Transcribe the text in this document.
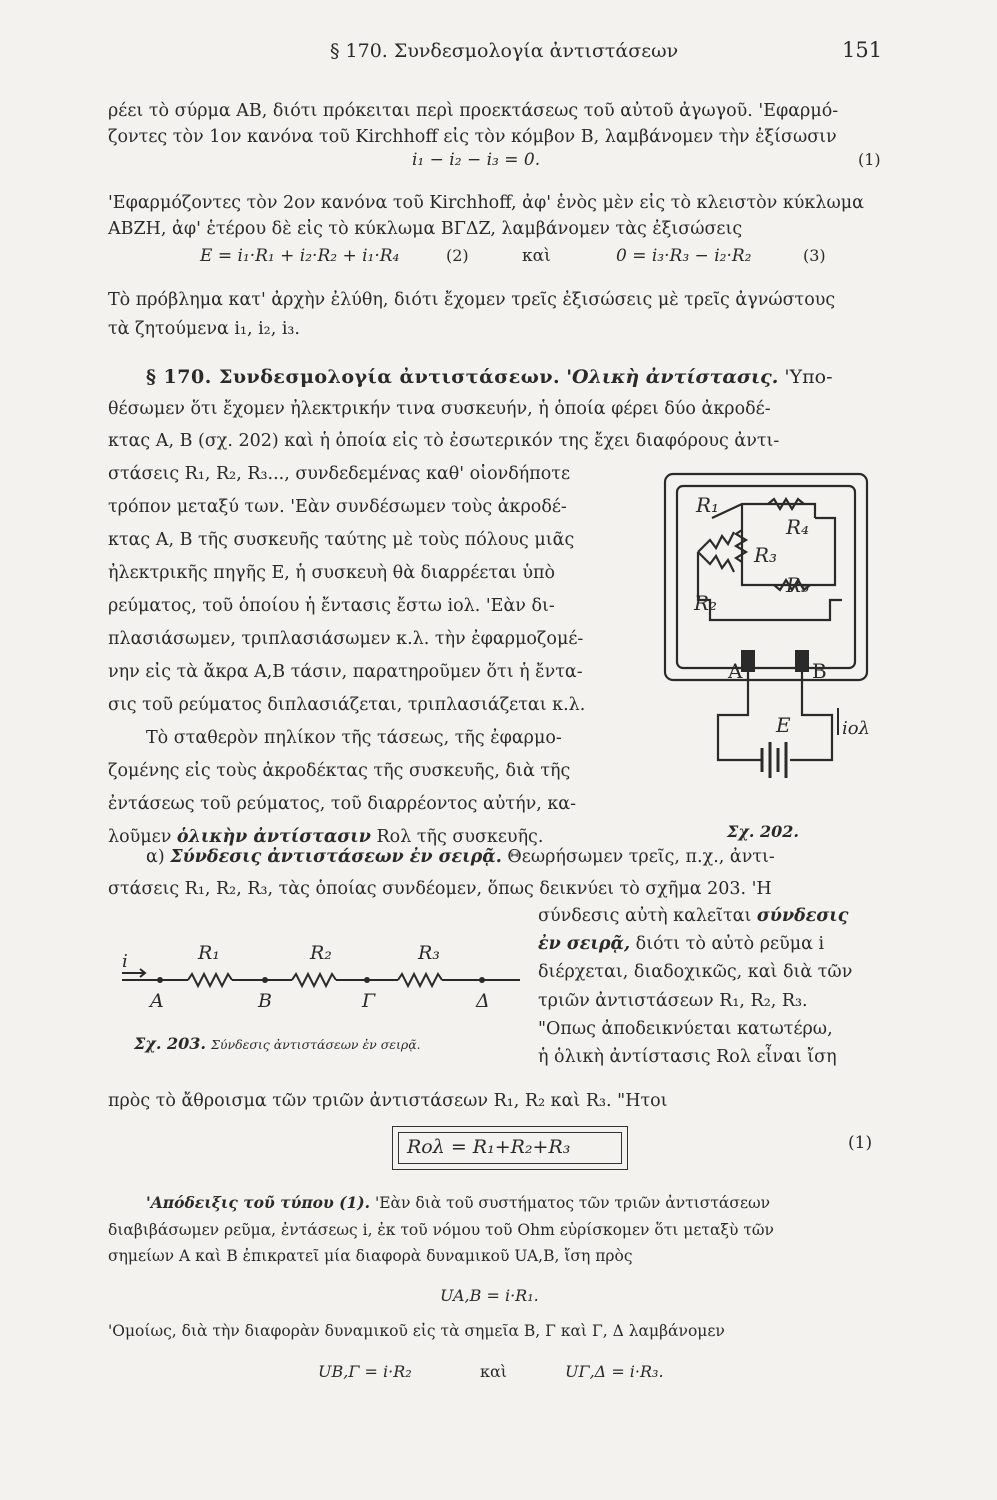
§ 170. Συνδεσμολογία ἀντιστάσεων	151
ρέει τὸ σύρμα AB, διότι πρόκειται περὶ προεκτάσεως τοῦ αὐτοῦ ἀγωγοῦ. 'Εφαρμό-
ζοντες τὸν 1ον κανόνα τοῦ Kirchhoff εἰς τὸν κόμβον B, λαμβάνομεν τὴν ἐξίσωσιν
i₁ − i₂ − i₃ = 0.	(1)
'Εφαρμόζοντες τὸν 2ον κανόνα τοῦ Kirchhoff, ἀφ' ἑνὸς μὲν εἰς τὸ κλειστὸν κύκλωμα
ABZH, ἀφ' ἑτέρου δὲ εἰς τὸ κύκλωμα BΓΔZ, λαμβάνομεν τὰς ἐξισώσεις
E = i₁·R₁ + i₂·R₂ + i₁·R₄	(2)	καὶ	0 = i₃·R₃ − i₂·R₂	(3)
Τὸ πρόβλημα κατ' ἀρχὴν ἐλύθη, διότι ἔχομεν τρεῖς ἐξισώσεις μὲ τρεῖς ἀγνώστους
τὰ ζητούμενα i₁, i₂, i₃.
§ 170. Συνδεσμολογία ἀντιστάσεων. 'Ολικὴ ἀντίστασις. 'Υπο-
θέσωμεν ὅτι ἔχομεν ἠλεκτρικήν τινα συσκευήν, ἡ ὁποία φέρει δύο ἀκροδέ-
κτας A, B (σχ. 202) καὶ ἡ ὁποία εἰς τὸ ἐσωτερικόν της ἔχει διαφόρους ἀντι-
στάσεις R₁, R₂, R₃..., συνδεδεμένας καθ' οἱονδήποτε
τρόπον μεταξύ των. 'Εὰν συνδέσωμεν τοὺς ἀκροδέ-
κτας A, B τῆς συσκευῆς ταύτης μὲ τοὺς πόλους μιᾶς
ἠλεκτρικῆς πηγῆς E, ἡ συσκευὴ θὰ διαρρέεται ὑπὸ
ρεύματος, τοῦ ὁποίου ἡ ἔντασις ἔστω iολ. 'Εὰν δι-
πλασιάσωμεν, τριπλασιάσωμεν κ.λ. τὴν ἐφαρμοζομέ-
νην εἰς τὰ ἄκρα A,B τάσιν, παρατηροῦμεν ὅτι ἡ ἔντα-
σις τοῦ ρεύματος διπλασιάζεται, τριπλασιάζεται κ.λ.
Τὸ σταθερὸν πηλίκον τῆς τάσεως, τῆς ἐφαρμο-
ζομένης εἰς τοὺς ἀκροδέκτας τῆς συσκευῆς, διὰ τῆς
ἐντάσεως τοῦ ρεύματος, τοῦ διαρρέοντος αὐτήν, κα-
λοῦμεν ὁλικὴν ἀντίστασιν Rολ τῆς συσκευῆς.
R₁
R₄
R₃
R₅
R₂
A	B
E	iολ
Σχ. 202.
α) Σύνδεσις ἀντιστάσεων ἐν σειρᾷ. Θεωρήσωμεν τρεῖς, π.χ., ἀντι-
στάσεις R₁, R₂, R₃, τὰς ὁποίας συνδέομεν, ὅπως δεικνύει τὸ σχῆμα 203. 'H
σύνδεσις αὐτὴ καλεῖται σύνδεσις
ἐν σειρᾷ, διότι τὸ αὐτὸ ρεῦμα i
διέρχεται, διαδοχικῶς, καὶ διὰ τῶν
τριῶν ἀντιστάσεων R₁, R₂, R₃.
"Οπως ἀποδεικνύεται κατωτέρω,
ἡ ὁλικὴ ἀντίστασις Rολ εἶναι ἴση
πρὸς τὸ ἄθροισμα τῶν τριῶν ἀντιστάσεων R₁, R₂ καὶ R₃. "Ητοι
i	R₁	R₂	R₃
A	B	Γ	Δ
Σχ. 203. Σύνδεσις ἀντιστάσεων ἐν σειρᾷ.
Rολ = R₁+R₂+R₃	(1)
'Απόδειξις τοῦ τύπου (1). 'Εὰν διὰ τοῦ συστήματος τῶν τριῶν ἀντιστάσεων
διαβιβάσωμεν ρεῦμα, ἐντάσεως i, ἐκ τοῦ νόμου τοῦ Ohm εὑρίσκομεν ὅτι μεταξὺ τῶν
σημείων A καὶ B ἐπικρατεῖ μία διαφορὰ δυναμικοῦ UA,B, ἴση πρὸς
UA,B = i·R₁.
'Ομοίως, διὰ τὴν διαφορὰν δυναμικοῦ εἰς τὰ σημεῖα B, Γ καὶ Γ, Δ λαμβάνομεν
UB,Γ = i·R₂	καὶ	UΓ,Δ = i·R₃.
